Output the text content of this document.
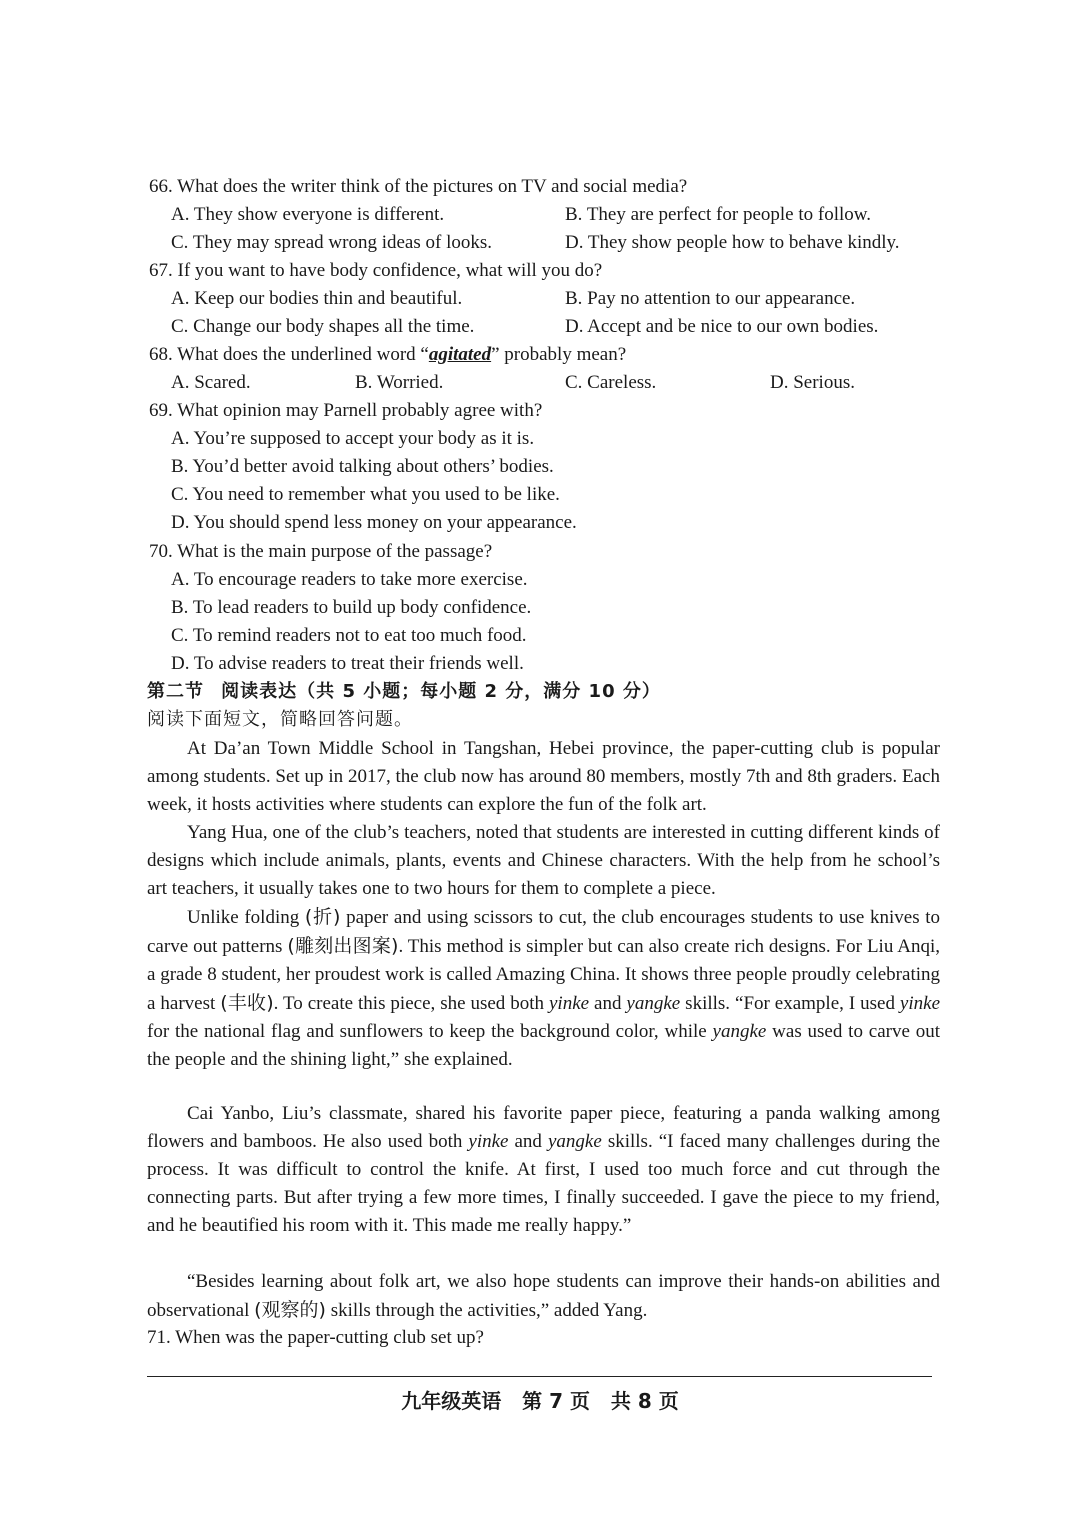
66. What does the writer think of the pictures on TV and social media?
A. They show everyone is different.	B. They are perfect for people to follow.
C. They may spread wrong ideas of looks.	D. They show people how to behave kindly.
67. If you want to have body confidence, what will you do?
A. Keep our bodies thin and beautiful.	B. Pay no attention to our appearance.
C. Change our body shapes all the time.	D. Accept and be nice to our own bodies.
68. What does the underlined word “agitated” probably mean?
A. Scared.	B. Worried.	C. Careless.	D. Serious.
69. What opinion may Parnell probably agree with?
A. You’re supposed to accept your body as it is.
B. You’d better avoid talking about others’ bodies.
C. You need to remember what you used to be like.
D. You should spend less money on your appearance.
70. What is the main purpose of the passage?
A. To encourage readers to take more exercise.
B. To lead readers to build up body confidence.
C. To remind readers not to eat too much food.
D. To advise readers to treat their friends well.
第二节 阅读表达（共 5 小题；每小题 2 分，满分 10 分）
阅读下面短文，简略回答问题。

At Da’an Town Middle School in Tangshan, Hebei province, the paper-cutting club is popular among students. Set up in 2017, the club now has around 80 members, mostly 7th and 8th graders. Each week, it hosts activities where students can explore the fun of the folk art.

Yang Hua, one of the club’s teachers, noted that students are interested in cutting different kinds of designs which include animals, plants, events and Chinese characters. With the help from he school’s art teachers, it usually takes one to two hours for them to complete a piece.

Unlike folding (折) paper and using scissors to cut, the club encourages students to use knives to carve out patterns (雕刻出图案). This method is simpler but can also create rich designs. For Liu Anqi, a grade 8 student, her proudest work is called Amazing China. It shows three people proudly celebrating a harvest (丰收). To create this piece, she used both yinke and yangke skills. “For example, I used yinke for the national flag and sunflowers to keep the background color, while yangke was used to carve out the people and the shining light,” she explained.

Cai Yanbo, Liu’s classmate, shared his favorite paper piece, featuring a panda walking among flowers and bamboos. He also used both yinke and yangke skills. “I faced many challenges during the process. It was difficult to control the knife. At first, I used too much force and cut through the connecting parts. But after trying a few more times, I finally succeeded. I gave the piece to my friend, and he beautified his room with it. This made me really happy.”

“Besides learning about folk art, we also hope students can improve their hands-on abilities and observational (观察的) skills through the activities,” added Yang.

71. When was the paper-cutting club set up?
九年级英语   第 7 页   共 8 页
